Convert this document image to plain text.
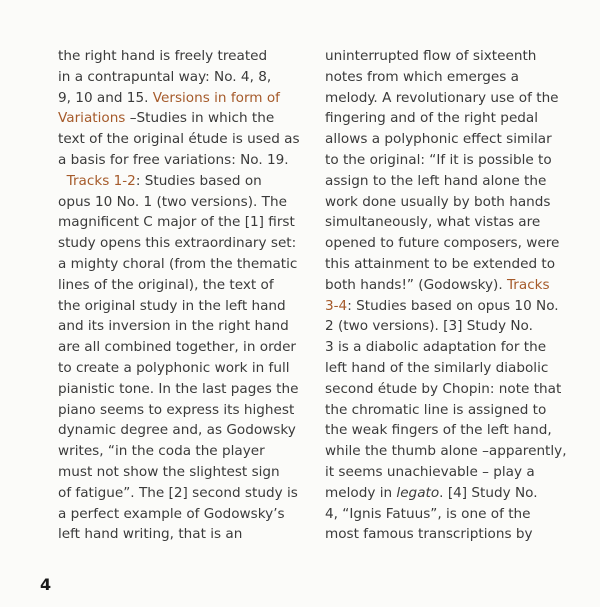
the right hand is freely treated
in a contrapuntal way: No. 4, 8,
9, 10 and 15. Versions in form of
Variations –Studies in which the
text of the original étude is used as
a basis for free variations: No. 19.
Tracks 1-2: Studies based on
opus 10 No. 1 (two versions). The
magnificent C major of the [1] first
study opens this extraordinary set:
a mighty choral (from the thematic
lines of the original), the text of
the original study in the left hand
and its inversion in the right hand
are all combined together, in order
to create a polyphonic work in full
pianistic tone. In the last pages the
piano seems to express its highest
dynamic degree and, as Godowsky
writes, “in the coda the player
must not show the slightest sign
of fatigue”. The [2] second study is
a perfect example of Godowsky’s
left hand writing, that is an
uninterrupted flow of sixteenth
notes from which emerges a
melody. A revolutionary use of the
fingering and of the right pedal
allows a polyphonic effect similar
to the original: “If it is possible to
assign to the left hand alone the
work done usually by both hands
simultaneously, what vistas are
opened to future composers, were
this attainment to be extended to
both hands!” (Godowsky). Tracks
3-4: Studies based on opus 10 No.
2 (two versions). [3] Study No.
3 is a diabolic adaptation for the
left hand of the similarly diabolic
second étude by Chopin: note that
the chromatic line is assigned to
the weak fingers of the left hand,
while the thumb alone –apparently,
it seems unachievable – play a
melody in legato. [4] Study No.
4, “Ignis Fatuus”, is one of the
most famous transcriptions by
4
